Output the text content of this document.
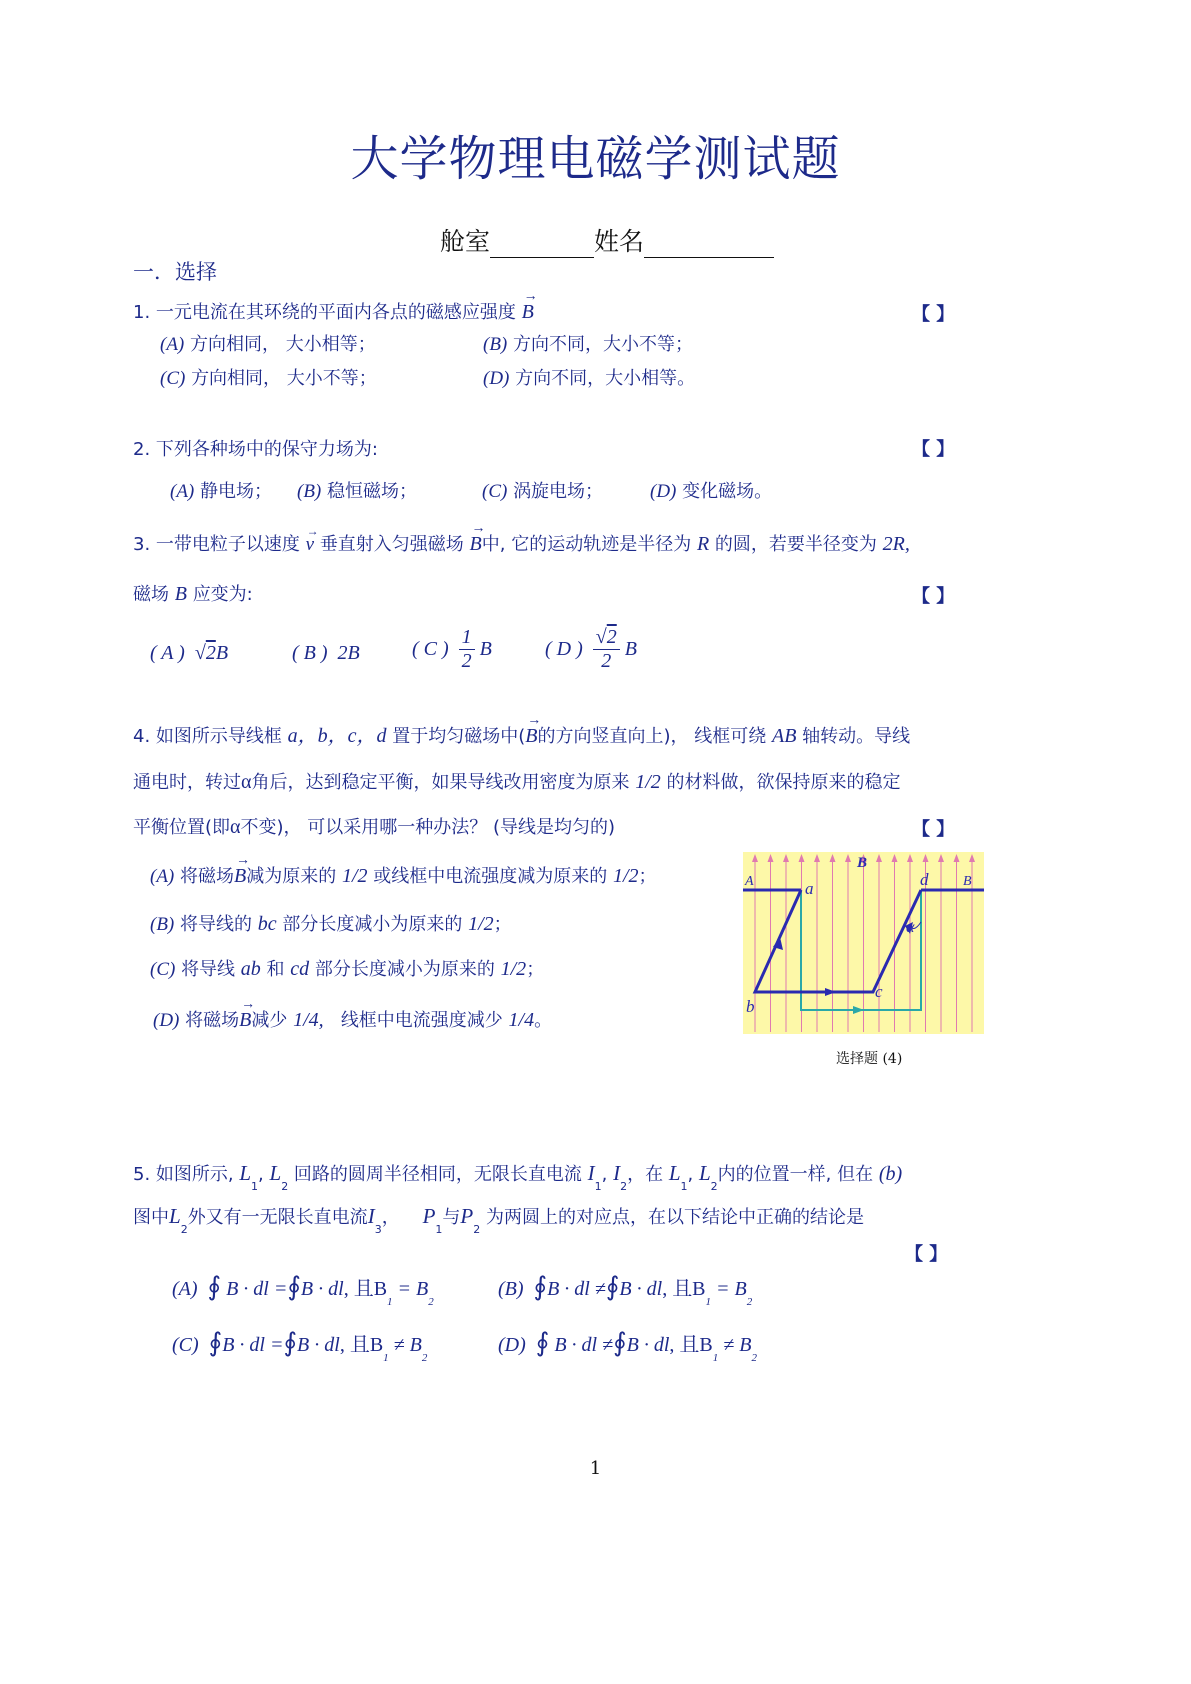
大学物理电磁学测试题
舱室	姓名
一．选择
1. 一元电流在其环绕的平面内各点的磁感应强度
→
B	【 】
(A) 方向相同， 大小相等；	(B) 方向不同，大小不等；
(C) 方向相同， 大小不等；	(D) 方向不同，大小相等。
2. 下列各种场中的保守力场为:	【 】
(A) 静电场； (B) 稳恒磁场；	(C) 涡旋电场； (D) 变化磁场。
3. 一带电粒子以速度
→
v 垂直射入匀强磁场
→
B中, 它的运动轨迹是半径为 R 的圆，若要半径变为 2R,
磁场 B 应变为:	【 】
( A )  √2B	( B ) 2B	( C ) $\frac{1}{2}$ B	( D ) $\frac{√2}{2}$ B
4. 如图所示导线框 a，b，c，d 置于均匀磁场中(
→
B的方向竖直向上)， 线框可绕 AB 轴转动。导线
通电时，转过α角后，达到稳定平衡，如果导线改用密度为原来 1/2 的材料做，欲保持原来的稳定
平衡位置(即α不变)， 可以采用哪一种办法？ (导线是均匀的)	【 】
(A) 将磁场
→
B减为原来的 1/2 或线框中电流强度减为原来的 1/2；
(B) 将导线的 bc 部分长度减小为原来的 1/2；
(C) 将导线 ab 和 cd 部分长度减小为原来的 1/2；
(D) 将磁场
→
B减少 1/4, 线框中电流强度减少 1/4。
A	B
B
a
b
c
d
α
选择题 (4)
5. 如图所示, $L_1$, $L_2$ 回路的圆周半径相同，无限长直电流 $I_1$, $I_2$，在 $L_1$, $L_2$内的位置一样, 但在 (b)
图中$L_2$外又有一无限长直电流$I_3$， $P_1$与$P_2$ 为两圆上的对应点，在以下结论中正确的结论是
【 】
(A) ∮ B · dl =∮B · dl, 且$B_1 = B_2$
(B) ∮B · dl ≠∮B · dl, 且$B_1 = B_2$
(C) ∮B · dl =∮B · dl, 且$B_1 \ne B_2$
(D) ∮ B · dl ≠∮B · dl, 且$B_1 \ne B_2$
1
